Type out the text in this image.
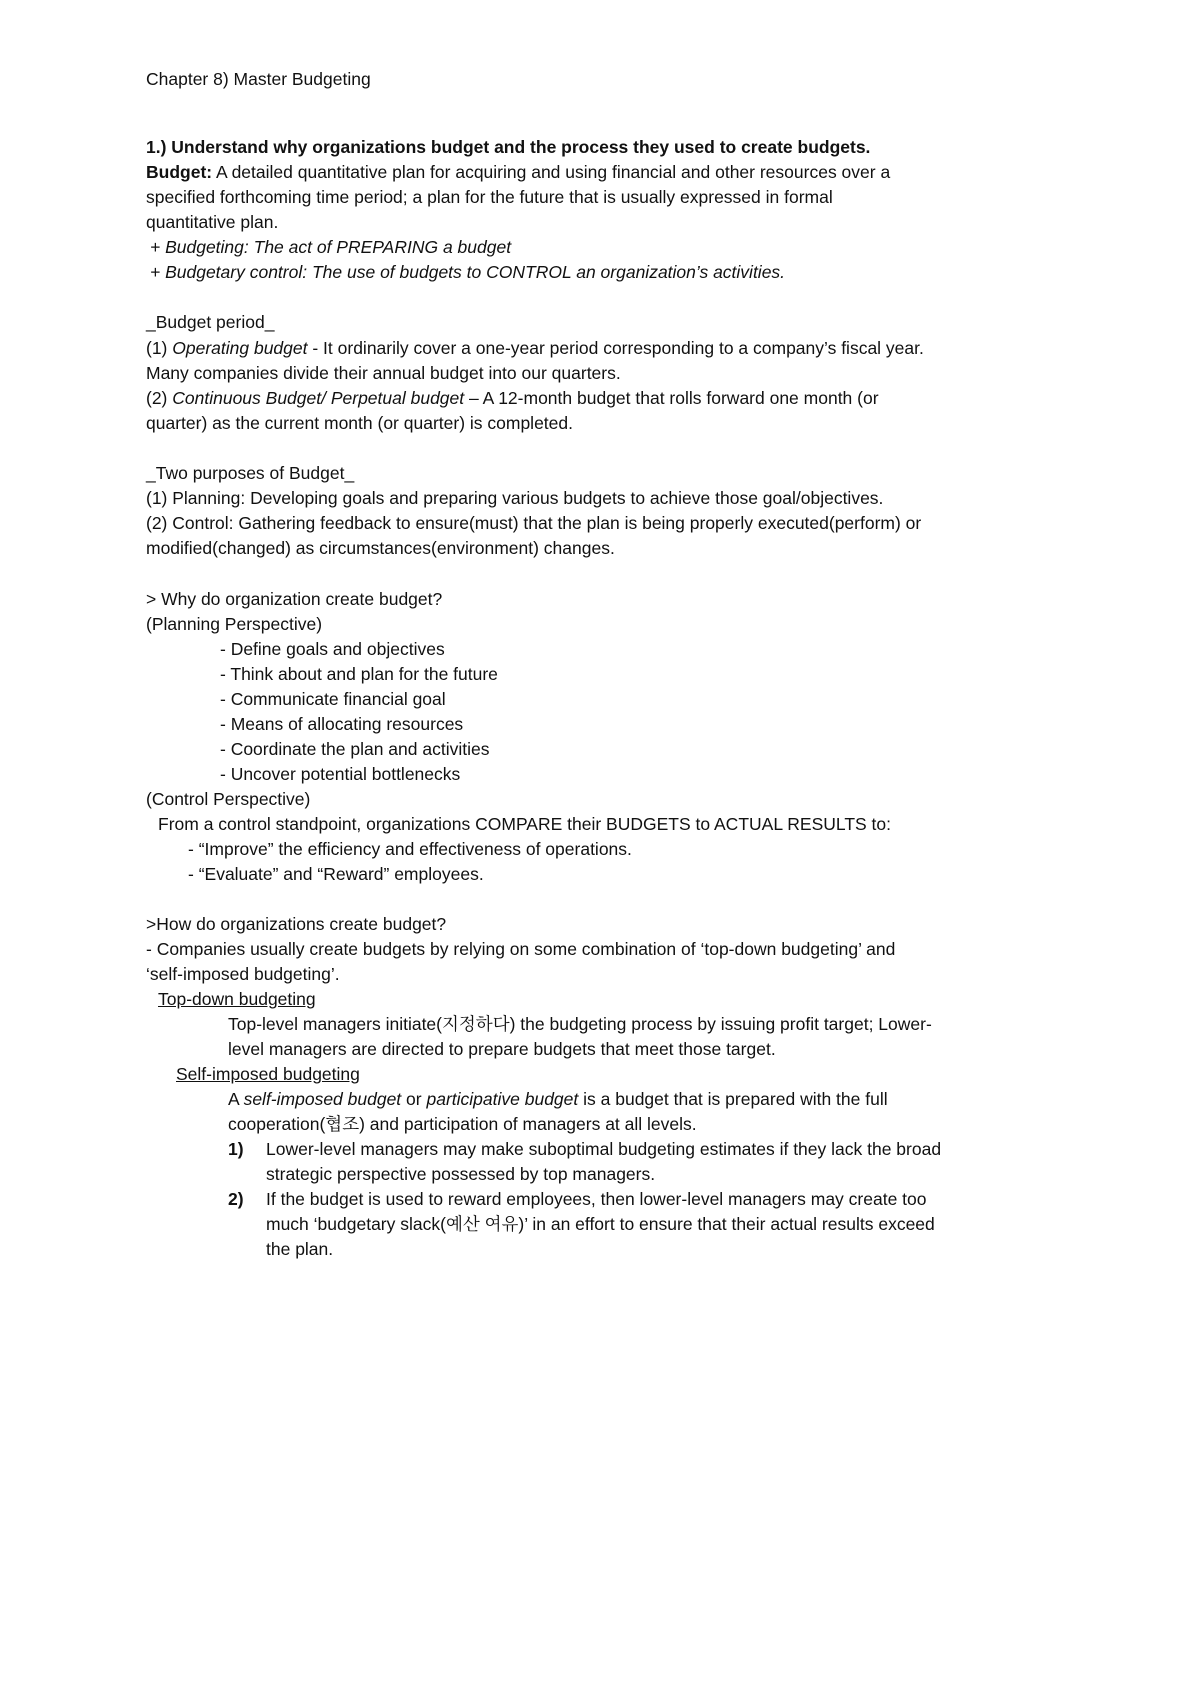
Chapter 8) Master Budgeting
1.) Understand why organizations budget and the process they used to create budgets.
Budget: A detailed quantitative plan for acquiring and using financial and other resources over a
specified forthcoming time period; a plan for the future that is usually expressed in formal
quantitative plan.
+ Budgeting: The act of PREPARING a budget
+ Budgetary control: The use of budgets to CONTROL an organization’s activities.
_Budget period_
(1) Operating budget - It ordinarily cover a one-year period corresponding to a company’s fiscal year.
Many companies divide their annual budget into our quarters.
(2) Continuous Budget/ Perpetual budget – A 12-month budget that rolls forward one month (or
quarter) as the current month (or quarter) is completed.
_Two purposes of Budget_
(1) Planning: Developing goals and preparing various budgets to achieve those goal/objectives.
(2) Control: Gathering feedback to ensure(must) that the plan is being properly executed(perform) or
modified(changed) as circumstances(environment) changes.
> Why do organization create budget?
(Planning Perspective)
- Define goals and objectives
- Think about and plan for the future
- Communicate financial goal
- Means of allocating resources
- Coordinate the plan and activities
- Uncover potential bottlenecks
(Control Perspective)
From a control standpoint, organizations COMPARE their BUDGETS to ACTUAL RESULTS to:
- “Improve” the efficiency and effectiveness of operations.
- “Evaluate” and “Reward” employees.
>How do organizations create budget?
- Companies usually create budgets by relying on some combination of ‘top-down budgeting’ and
‘self-imposed budgeting’.
Top-down budgeting
Top-level managers initiate(지정하다) the budgeting process by issuing profit target; Lower-
level managers are directed to prepare budgets that meet those target.
Self-imposed budgeting
A self-imposed budget or participative budget is a budget that is prepared with the full
cooperation(협조) and participation of managers at all levels.
1) Lower-level managers may make suboptimal budgeting estimates if they lack the broad
strategic perspective possessed by top managers.
2) If the budget is used to reward employees, then lower-level managers may create too
much ‘budgetary slack(예산 여유)’ in an effort to ensure that their actual results exceed
the plan.
